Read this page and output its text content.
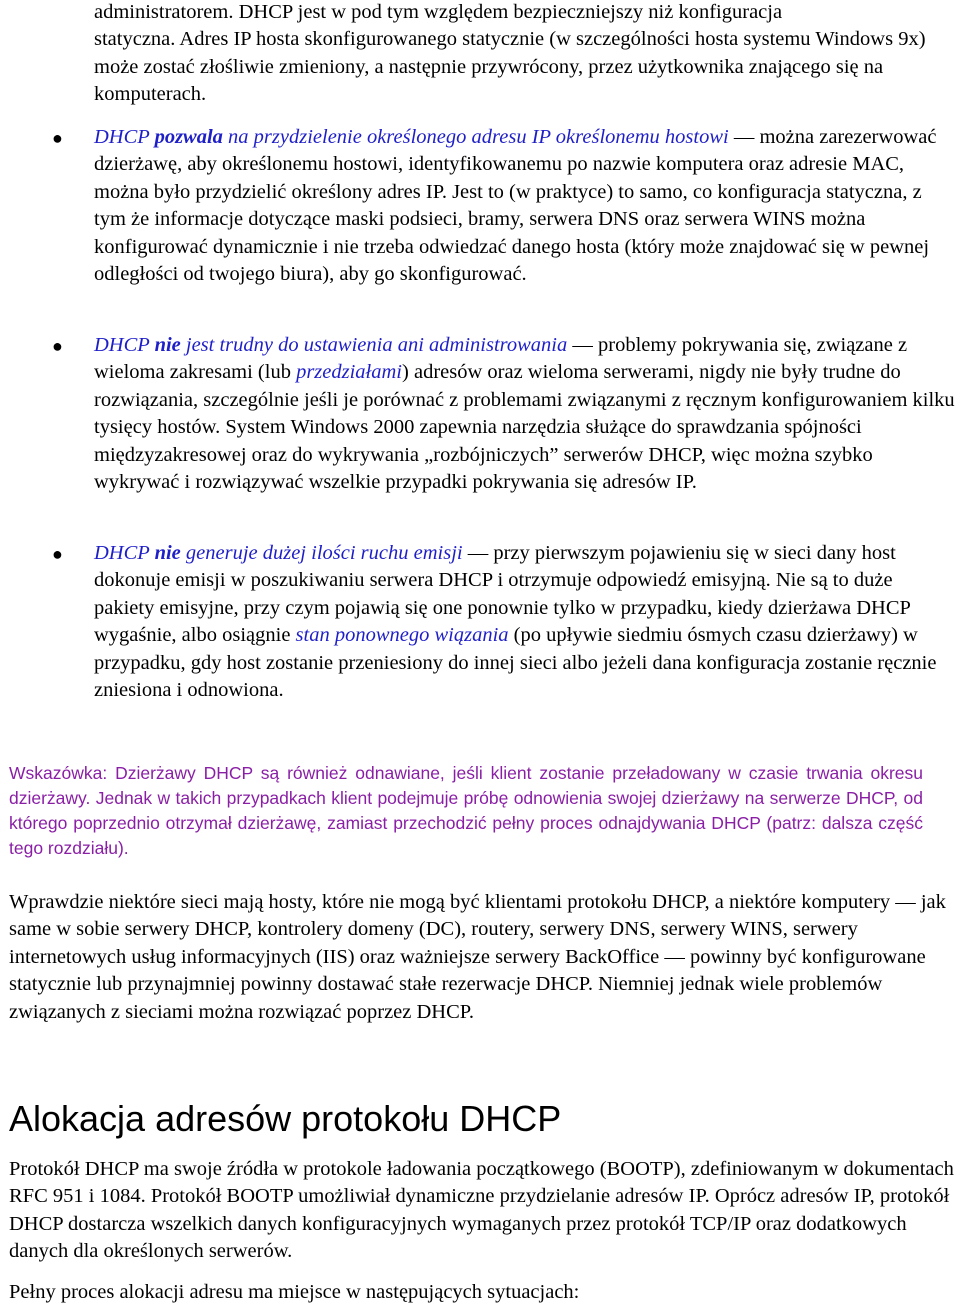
administratorem. DHCP jest w pod tym względem bezpieczniejszy niż konfiguracja
statyczna. Adres IP hosta skonfigurowanego statycznie (w szczególności hosta systemu Windows 9x) może zostać złośliwie zmieniony, a następnie przywrócony, przez użytkownika znającego się na komputerach.

● DHCP pozwala na przydzielenie określonego adresu IP określonemu hostowi — można zarezerwować dzierżawę, aby określonemu hostowi, identyfikowanemu po nazwie komputera oraz adresie MAC, można było przydzielić określony adres IP. Jest to (w praktyce) to samo, co konfiguracja statyczna, z tym że informacje dotyczące maski podsieci, bramy, serwera DNS oraz serwera WINS można konfigurować dynamicznie i nie trzeba odwiedzać danego hosta (który może znajdować się w pewnej odległości od twojego biura), aby go skonfigurować.

● DHCP nie jest trudny do ustawienia ani administrowania — problemy pokrywania się, związane z wieloma zakresami (lub przedziałami) adresów oraz wieloma serwerami, nigdy nie były trudne do rozwiązania, szczególnie jeśli je porównać z problemami związanymi z ręcznym konfigurowaniem kilku tysięcy hostów. System Windows 2000 zapewnia narzędzia służące do sprawdzania spójności międzyzakresowej oraz do wykrywania „rozbójniczych” serwerów DHCP, więc można szybko wykrywać i rozwiązywać wszelkie przypadki pokrywania się adresów IP.

● DHCP nie generuje dużej ilości ruchu emisji — przy pierwszym pojawieniu się w sieci dany host dokonuje emisji w poszukiwaniu serwera DHCP i otrzymuje odpowiedź emisyjną. Nie są to duże pakiety emisyjne, przy czym pojawią się one ponownie tylko w przypadku, kiedy dzierżawa DHCP wygaśnie, albo osiągnie stan ponownego wiązania (po upływie siedmiu ósmych czasu dzierżawy) w przypadku, gdy host zostanie przeniesiony do innej sieci albo jeżeli dana konfiguracja zostanie ręcznie zniesiona i odnowiona.

Wskazówka: Dzierżawy DHCP są również odnawiane, jeśli klient zostanie przeładowany w czasie trwania okresu dzierżawy. Jednak w takich przypadkach klient podejmuje próbę odnowienia swojej dzierżawy na serwerze DHCP, od którego poprzednio otrzymał dzierżawę, zamiast przechodzić pełny proces odnajdywania DHCP (patrz: dalsza część tego rozdziału).

Wprawdzie niektóre sieci mają hosty, które nie mogą być klientami protokołu DHCP, a niektóre komputery — jak same w sobie serwery DHCP, kontrolery domeny (DC), routery, serwery DNS, serwery WINS, serwery internetowych usług informacyjnych (IIS) oraz ważniejsze serwery BackOffice — powinny być konfigurowane statycznie lub przynajmniej powinny dostawać stałe rezerwacje DHCP. Niemniej jednak wiele problemów związanych z sieciami można rozwiązać poprzez DHCP.

Alokacja adresów protokołu DHCP

Protokół DHCP ma swoje źródła w protokole ładowania początkowego (BOOTP), zdefiniowanym w dokumentach RFC 951 i 1084. Protokół BOOTP umożliwiał dynamiczne przydzielanie adresów IP. Oprócz adresów IP, protokół DHCP dostarcza wszelkich danych konfiguracyjnych wymaganych przez protokół TCP/IP oraz dodatkowych danych dla określonych serwerów.

Pełny proces alokacji adresu ma miejsce w następujących sytuacjach:
